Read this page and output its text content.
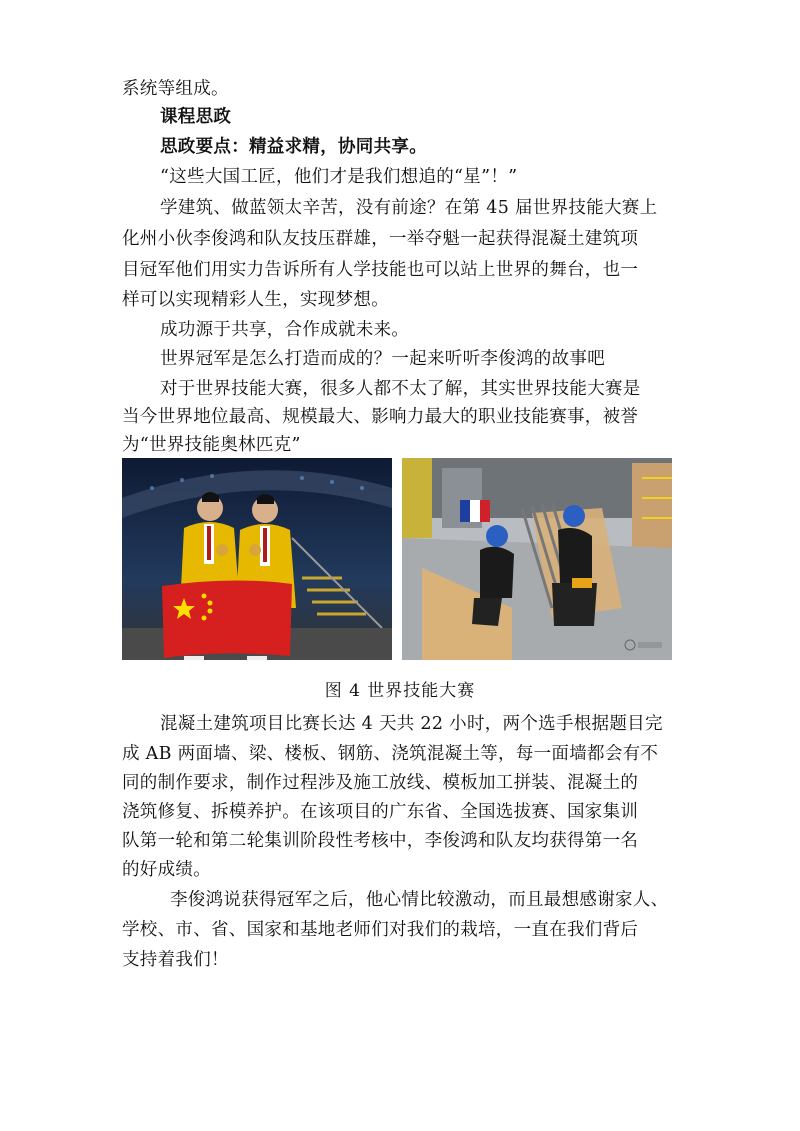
系统等组成。
课程思政
思政要点：精益求精，协同共享。
“这些大国工匠，他们才是我们想追的“星”！”
学建筑、做蓝领太辛苦，没有前途？在第 45 届世界技能大赛上
化州小伙李俊鸿和队友技压群雄，一举夺魁一起获得混凝土建筑项
目冠军他们用实力告诉所有人学技能也可以站上世界的舞台，也一
样可以实现精彩人生，实现梦想。
成功源于共享，合作成就未来。
世界冠军是怎么打造而成的？一起来听听李俊鸿的故事吧
对于世界技能大赛，很多人都不太了解，其实世界技能大赛是
当今世界地位最高、规模最大、影响力最大的职业技能赛事，被誉
为“世界技能奥林匹克”
图 4 世界技能大赛
混凝土建筑项目比赛长达 4 天共 22 小时，两个选手根据题目完
成 AB 两面墙、梁、楼板、钢筋、浇筑混凝土等，每一面墙都会有不
同的制作要求，制作过程涉及施工放线、模板加工拼装、混凝土的
浇筑修复、拆模养护。在该项目的广东省、全国选拔赛、国家集训
队第一轮和第二轮集训阶段性考核中，李俊鸿和队友均获得第一名
的好成绩。
李俊鸿说获得冠军之后，他心情比较激动，而且最想感谢家人、
学校、市、省、国家和基地老师们对我们的栽培，一直在我们背后
支持着我们！
